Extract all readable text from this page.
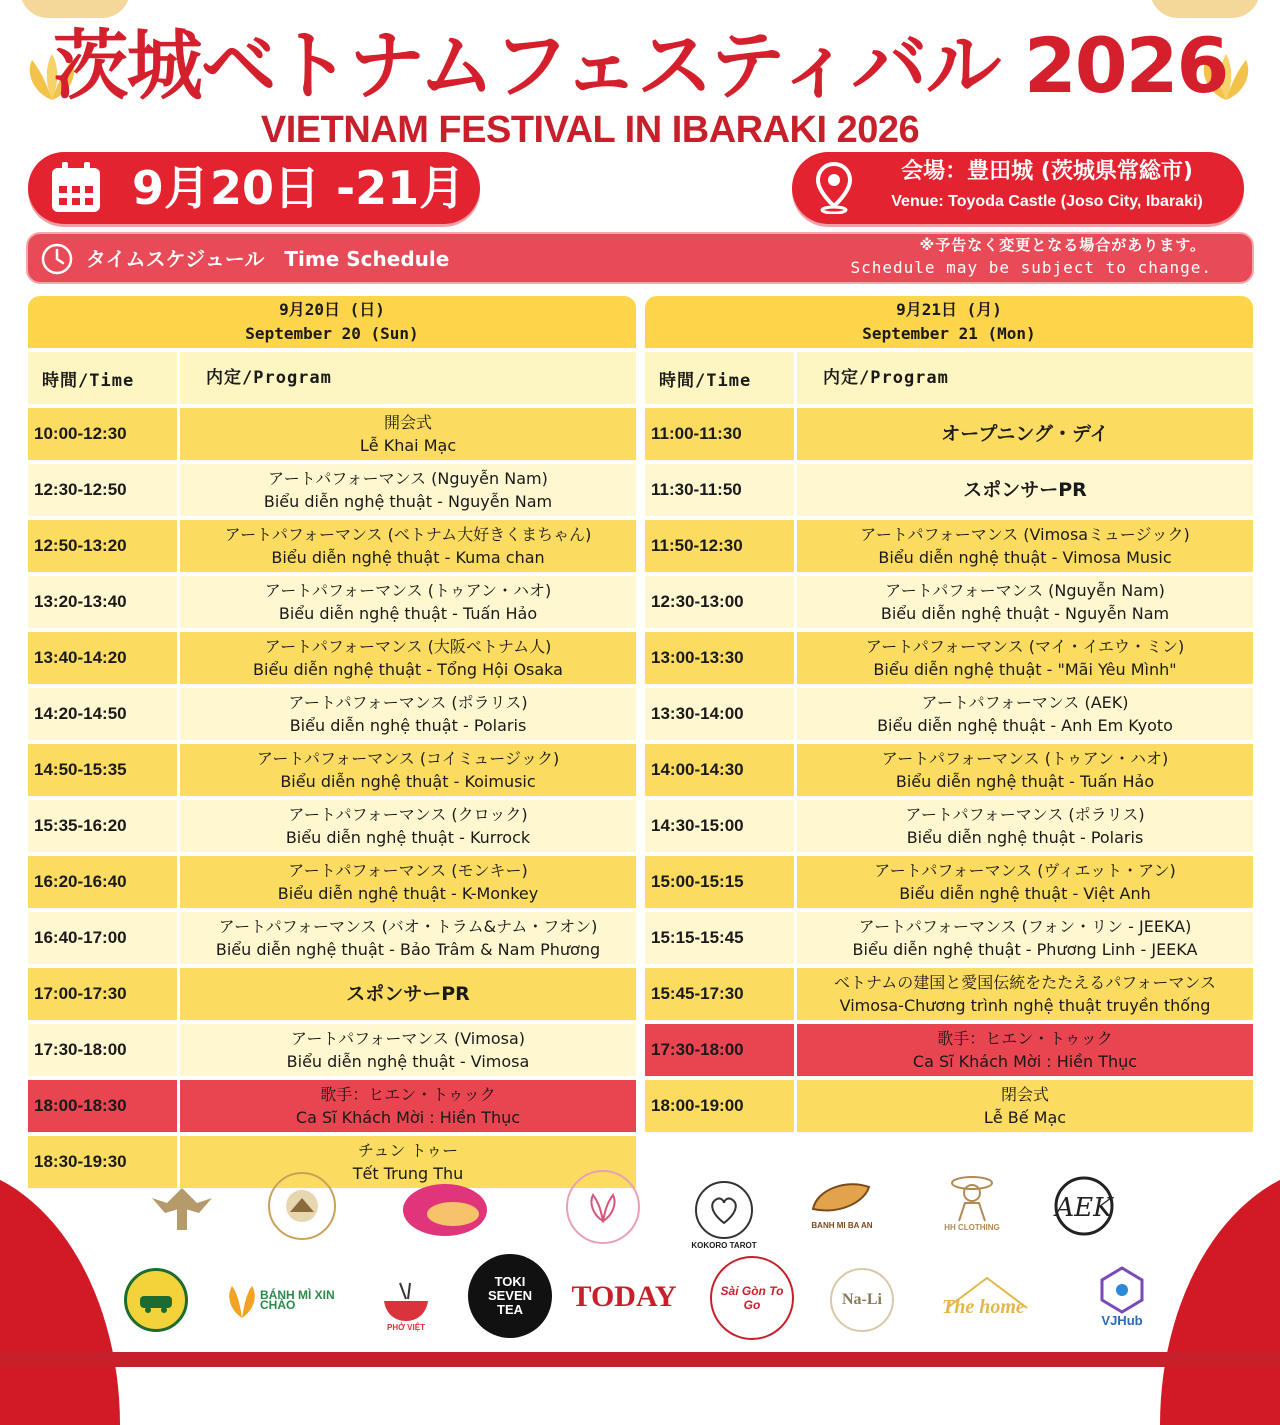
茨城ベトナムフェスティバル 2026
VIETNAM FESTIVAL IN IBARAKI 2026
9月20日 -21月	会場：豊田城 (茨城県常総市)
Venue: Toyoda Castle (Joso City, Ibaraki)
タイムスケジュール　Time Schedule
※予告なく変更となる場合があります。
Schedule may be subject to change.
9月20日 (日)
September 20 (Sun)	

時間/Time	内定/Program
10:00-12:30	開会式
Lễ Khai Mạc

12:30-12:50	アートパフォーマンス (Nguyễn Nam)
Biểu diễn nghệ thuật - Nguyễn Nam

12:50-13:20	アートパフォーマンス (ベトナム大好きくまちゃん)
Biểu diễn nghệ thuật - Kuma chan

13:20-13:40	アートパフォーマンス (トゥアン・ハオ)
Biểu diễn nghệ thuật - Tuấn Hảo

13:40-14:20	アートパフォーマンス (大阪ベトナム人)
Biểu diễn nghệ thuật - Tổng Hội Osaka

14:20-14:50	アートパフォーマンス (ポラリス)
Biểu diễn nghệ thuật - Polaris

14:50-15:35	アートパフォーマンス (コイミュージック)
Biểu diễn nghệ thuật - Koimusic

15:35-16:20	アートパフォーマンス (クロック)
Biểu diễn nghệ thuật - Kurrock

16:20-16:40	アートパフォーマンス (モンキー)
Biểu diễn nghệ thuật - K-Monkey

16:40-17:00	アートパフォーマンス (バオ・トラム&ナム・フオン)
Biểu diễn nghệ thuật - Bảo Trâm & Nam Phương

17:00-17:30	スポンサーPR

17:30-18:00	アートパフォーマンス (Vimosa)
Biểu diễn nghệ thuật - Vimosa

18:00-18:30	歌手：ヒエン・トゥック
Ca Sĩ Khách Mời : Hiền Thục

18:30-19:30	チュン トゥー
Tết Trung Thu
9月21日 (月)
September 21 (Mon)	

時間/Time	内定/Program
11:00-11:30	オープニング・デイ

11:30-11:50	スポンサーPR

11:50-12:30	アートパフォーマンス (Vimosaミュージック)
Biểu diễn nghệ thuật - Vimosa Music

12:30-13:00	アートパフォーマンス (Nguyễn Nam)
Biểu diễn nghệ thuật - Nguyễn Nam

13:00-13:30	アートパフォーマンス (マイ・イエウ・ミン)
Biểu diễn nghệ thuật - "Mãi Yêu Mình"

13:30-14:00	アートパフォーマンス (AEK)
Biểu diễn nghệ thuật - Anh Em Kyoto

14:00-14:30	アートパフォーマンス (トゥアン・ハオ)
Biểu diễn nghệ thuật - Tuấn Hảo

14:30-15:00	アートパフォーマンス (ポラリス)
Biểu diễn nghệ thuật - Polaris

15:00-15:15	アートパフォーマンス (ヴィエット・アン)
Biểu diễn nghệ thuật - Việt Anh

15:15-15:45	アートパフォーマンス (フォン・リン - JEEKA)
Biểu diễn nghệ thuật - Phương Linh - JEEKA

15:45-17:30	ベトナムの建国と愛国伝統をたたえるパフォーマンス
Vimosa-Chương trình nghệ thuật truyền thống

17:30-18:00	歌手：ヒエン・トゥック
Ca Sĩ Khách Mời : Hiền Thục

18:00-19:00	閉会式
Lễ Bế Mạc
KOKORO TAROT
BANH MI BA AN	HH CLOTHING
AEK
BÁNH MÌ XIN CHÀO
PHỞ VIỆT
TOKI SEVEN TEA	TODAY	Sài Gòn To Go	Na-Li	The home
VJHub
